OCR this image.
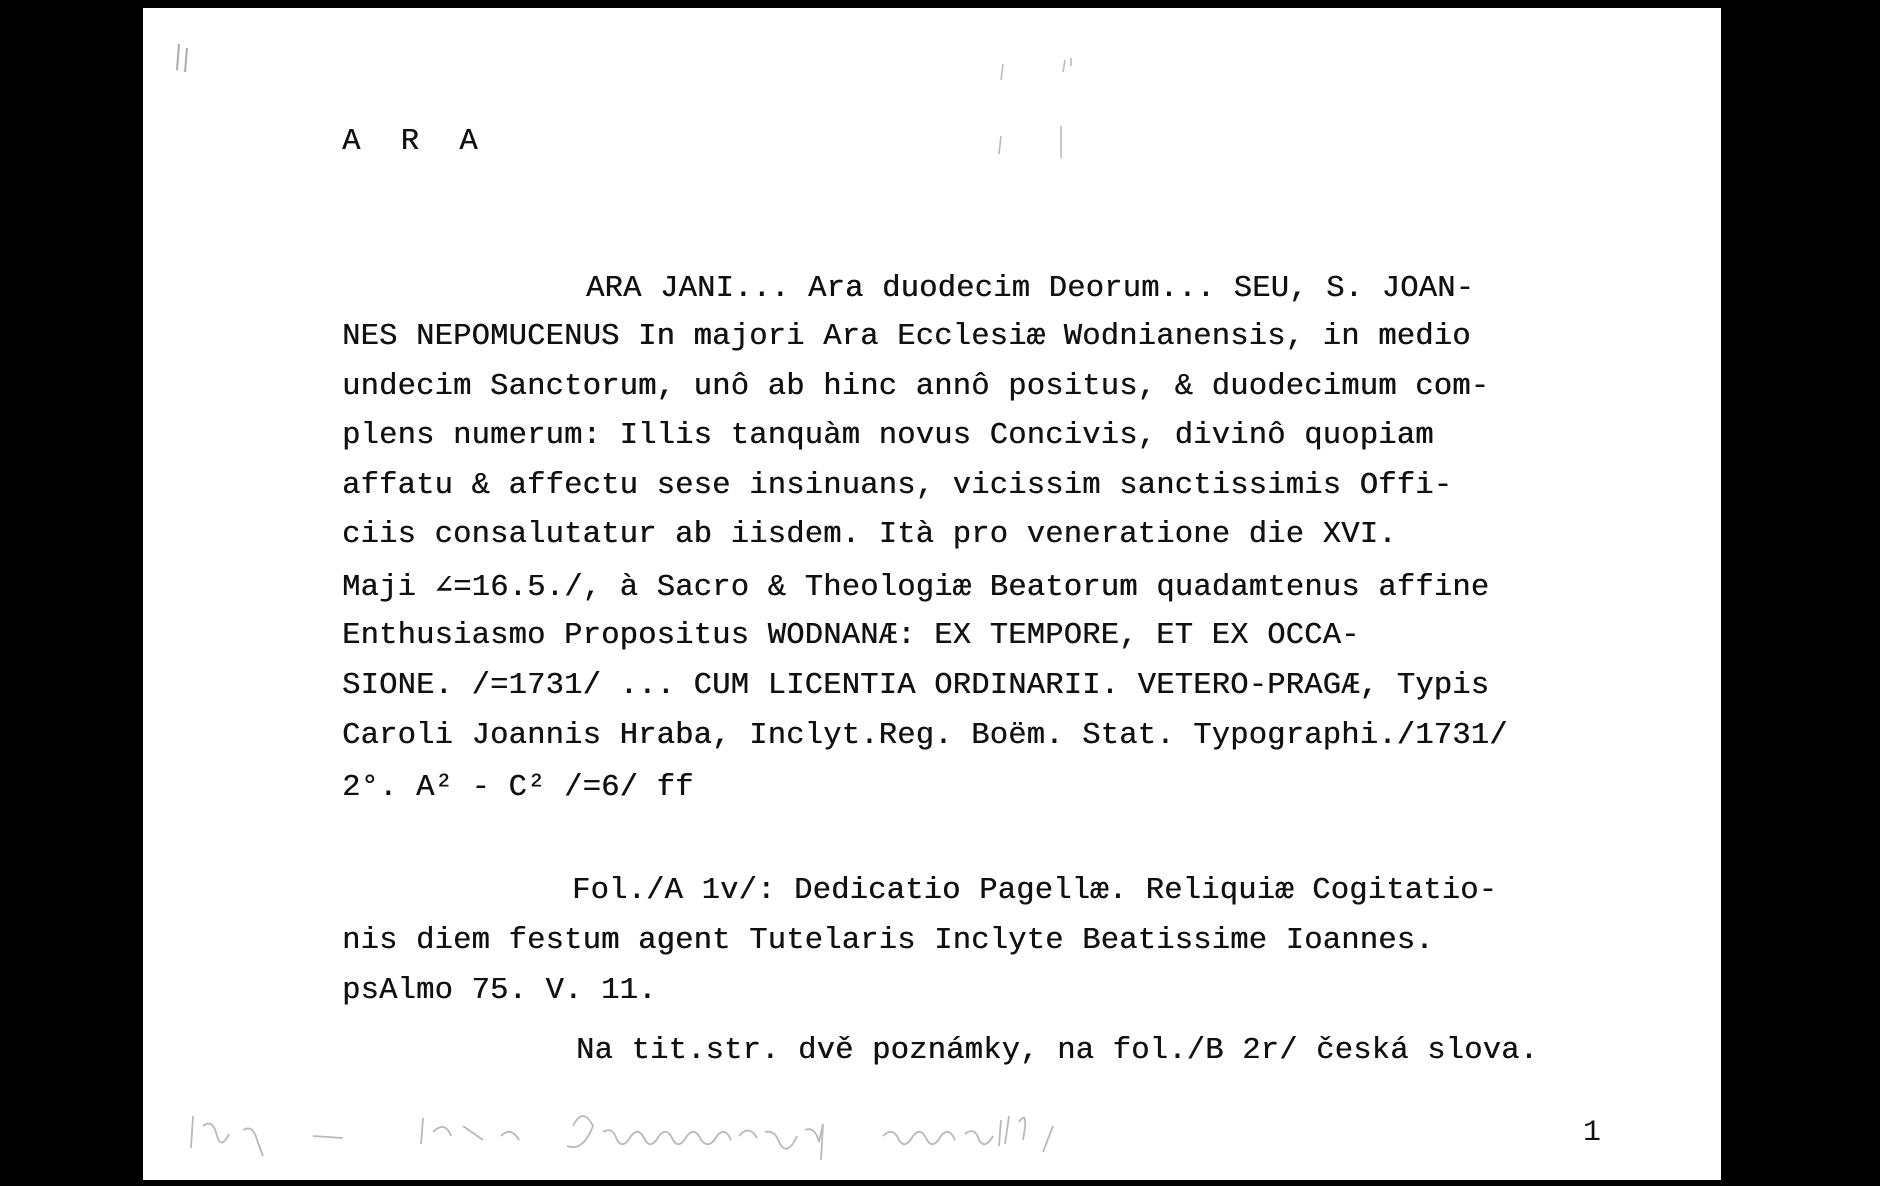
A R A
ARA JANI... Ara duodecim Deorum... SEU, S. JOAN-
NES NEPOMUCENUS In majori Ara Ecclesiæ Wodnianensis, in medio
undecim Sanctorum, unô ab hinc annô positus, & duodecimum com-
plens numerum: Illis tanquàm novus Concivis, divinô quopiam
affatu & affectu sese insinuans, vicissim sanctissimis Offi-
ciis consalutatur ab iisdem. Ità pro veneratione die XVI.
Maji ∠=16.5./, à Sacro & Theologiæ Beatorum quadamtenus affine
Enthusiasmo Propositus WODNANÆ: EX TEMPORE, ET EX OCCA-
SIONE. /=1731/ ... CUM LICENTIA ORDINARII. VETERO-PRAGÆ, Typis
Caroli Joannis Hraba, Inclyt.Reg. Boëm. Stat. Typographi./1731/
2°. A² - C² /=6/ ff
Fol./A 1v/: Dedicatio Pagellæ. Reliquiæ Cogitatio-
nis diem festum agent Tutelaris Inclyte Beatissime Ioannes.
psAlmo 75. V. 11.
Na tit.str. dvě poznámky, na fol./B 2r/ česká slova.
1
